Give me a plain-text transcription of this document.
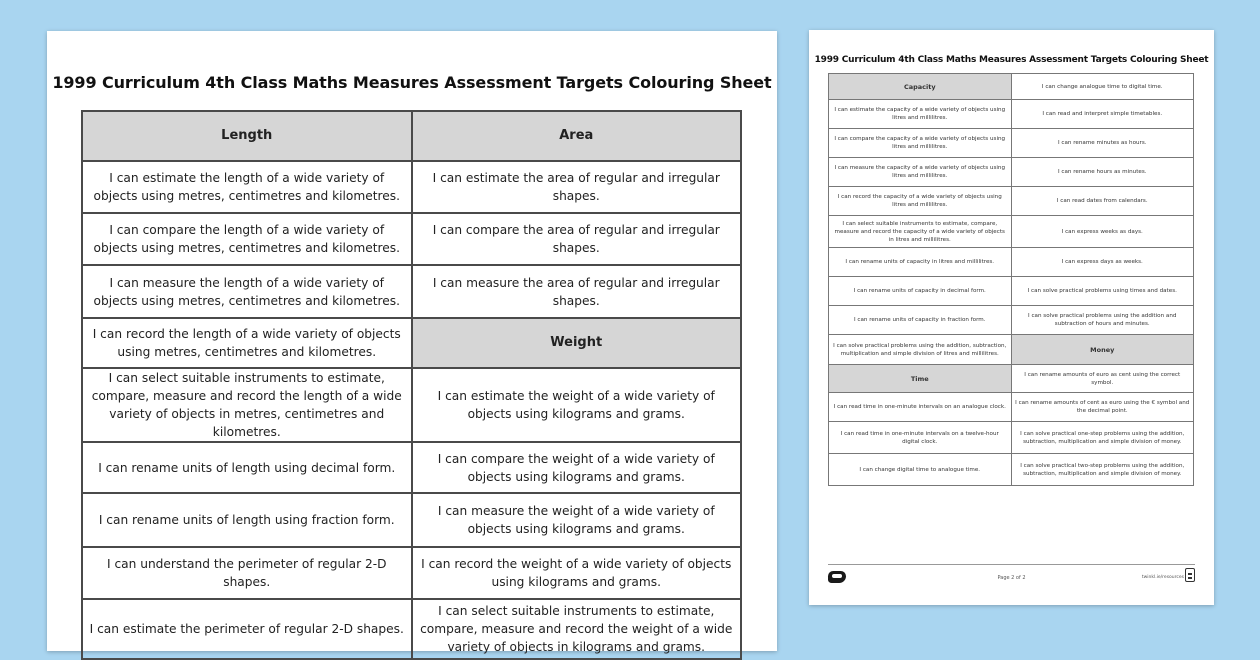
1999 Curriculum 4th Class Maths Measures Assessment Targets Colouring Sheet
Length	Area
I can estimate the length of a wide variety of objects using metres, centimetres and kilometres.	I can estimate the area of regular and irregular shapes.
I can compare the length of a wide variety of objects using metres, centimetres and kilometres.	I can compare the area of regular and irregular shapes.
I can measure the length of a wide variety of objects using metres, centimetres and kilometres.	I can measure the area of regular and irregular shapes.
I can record the length of a wide variety of objects using metres, centimetres and kilometres.	Weight
I can select suitable instruments to estimate, compare, measure and record the length of a wide variety of objects in metres, centimetres and kilometres.	I can estimate the weight of a wide variety of objects using kilograms and grams.
I can rename units of length using decimal form.	I can compare the weight of a wide variety of objects using kilograms and grams.
I can rename units of length using fraction form.	I can measure the weight of a wide variety of objects using kilograms and grams.
I can understand the perimeter of regular 2-D shapes.	I can record the weight of a wide variety of objects using kilograms and grams.
I can estimate the perimeter of regular 2-D shapes.	I can select suitable instruments to estimate, compare, measure and record the weight of a wide variety of objects in kilograms and grams.
1999 Curriculum 4th Class Maths Measures Assessment Targets Colouring Sheet
Capacity	I can change analogue time to digital time.
I can estimate the capacity of a wide variety of objects using litres and millilitres.	I can read and interpret simple timetables.
I can compare the capacity of a wide variety of objects using litres and millilitres.	I can rename minutes as hours.
I can measure the capacity of a wide variety of objects using litres and millilitres.	I can rename hours as minutes.
I can record the capacity of a wide variety of objects using litres and millilitres.	I can read dates from calendars.
I can select suitable instruments to estimate, compare, measure and record the capacity of a wide variety of objects in litres and millilitres.	I can express weeks as days.
I can rename units of capacity in litres and millilitres.	I can express days as weeks.
I can rename units of capacity in decimal form.	I can solve practical problems using times and dates.
I can rename units of capacity in fraction form.	I can solve practical problems using the addition and subtraction of hours and minutes.
I can solve practical problems using the addition, subtraction, multiplication and simple division of litres and millilitres.	Money
Time	I can rename amounts of euro as cent using the correct symbol.
I can read time in one-minute intervals on an analogue clock.	I can rename amounts of cent as euro using the € symbol and the decimal point.
I can read time in one-minute intervals on a twelve-hour digital clock.	I can solve practical one-step problems using the addition, subtraction, multiplication and simple division of money.
I can change digital time to analogue time.	I can solve practical two-step problems using the addition, subtraction, multiplication and simple division of money.
Page 2 of 2	twinkl.ie/resources
